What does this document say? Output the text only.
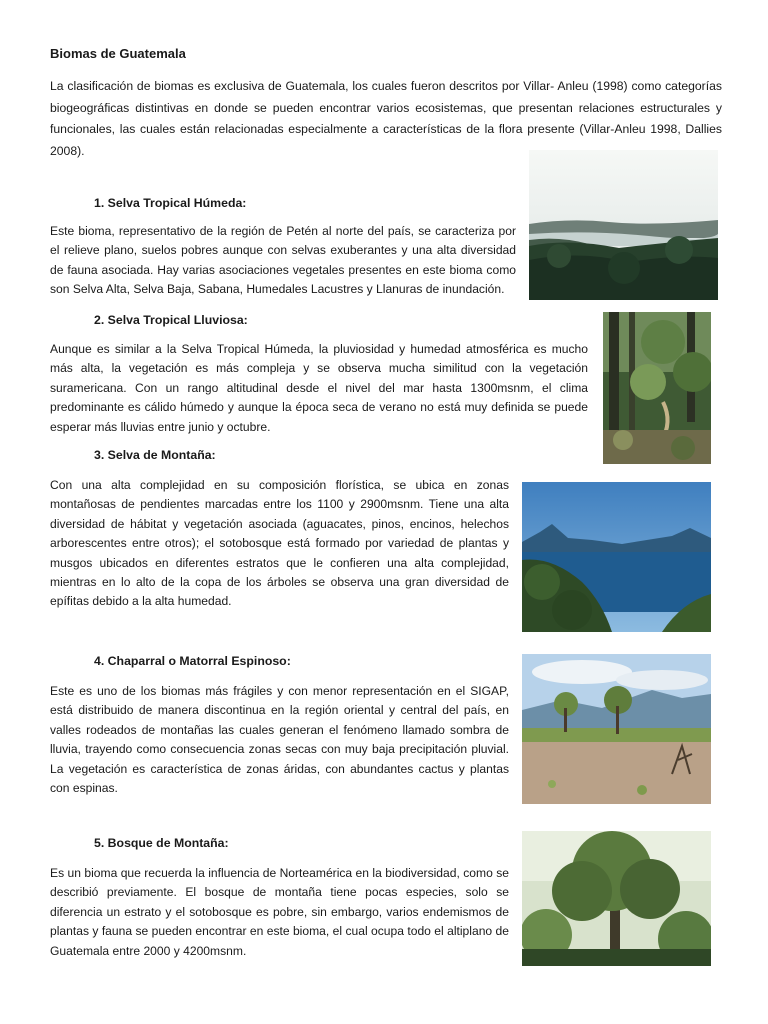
Biomas de Guatemala

La clasificación de biomas es exclusiva de Guatemala, los cuales fueron descritos por Villar- Anleu (1998) como categorías biogeográficas distintivas en donde se pueden encontrar varios ecosistemas, que presentan relaciones estructurales y funcionales, las cuales están relacionadas especialmente a características de la flora presente (Villar-Anleu 1998, Dallies 2008).

1. Selva Tropical Húmeda:

Este bioma, representativo de la región de Petén al norte del país, se caracteriza por el relieve plano, suelos pobres aunque con selvas exuberantes y una alta diversidad de fauna asociada. Hay varias asociaciones vegetales presentes en este bioma como son Selva Alta, Selva Baja, Sabana, Humedales Lacustres y Llanuras de inundación.

2. Selva Tropical Lluviosa:

Aunque es similar a la Selva Tropical Húmeda, la pluviosidad y humedad atmosférica es mucho más alta, la vegetación es más compleja y se observa mucha similitud con la vegetación suramericana. Con un rango altitudinal desde el nivel del mar hasta 1300msnm, el clima predominante es cálido húmedo y aunque la época seca de verano no está muy definida se puede esperar más lluvias entre junio y octubre.

3. Selva de Montaña:

Con una alta complejidad en su composición florística, se ubica en zonas montañosas de pendientes marcadas entre los 1100 y 2900msnm. Tiene una alta diversidad de hábitat y vegetación asociada (aguacates, pinos, encinos, helechos arborescentes entre otros); el sotobosque está formado por variedad de plantas y musgos ubicados en diferentes estratos que le confieren una alta complejidad, mientras en lo alto de la copa de los árboles se observa una gran diversidad de epífitas debido a la alta humedad.

4. Chaparral o Matorral Espinoso:

Este es uno de los biomas más frágiles y con menor representación en el SIGAP, está distribuido de manera discontinua en la región oriental y central del país, en valles rodeados de montañas las cuales generan el fenómeno llamado sombra de lluvia, trayendo como consecuencia zonas secas con muy baja precipitación pluvial. La vegetación es característica de zonas áridas, con abundantes cactus y plantas con espinas.

5. Bosque de Montaña:

Es un bioma que recuerda la influencia de Norteamérica en la biodiversidad, como se describió previamente. El bosque de montaña tiene pocas especies, solo se diferencia un estrato y el sotobosque es pobre, sin embargo, varios endemismos de plantas y fauna se pueden encontrar en este bioma, el cual ocupa todo el altiplano de Guatemala entre 2000 y 4200msnm.
